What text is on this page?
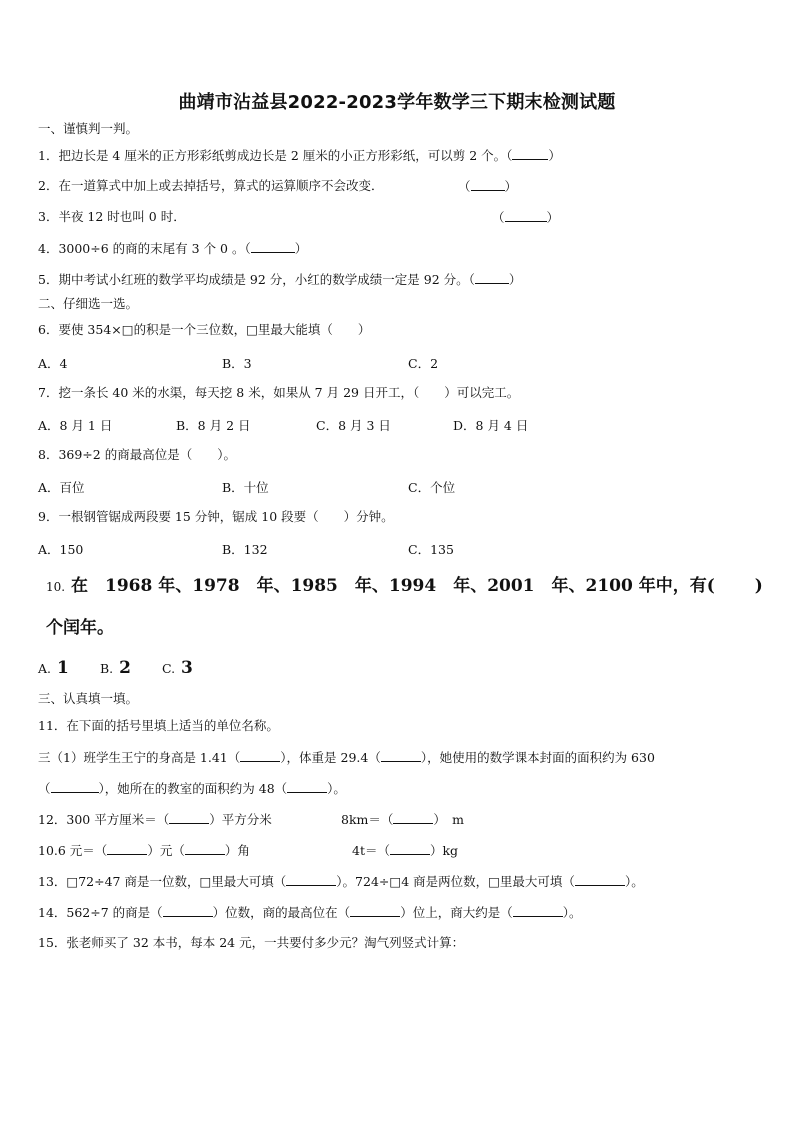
曲靖市沾益县2022-2023学年数学三下期末检测试题
一、谨慎判一判。
1．把边长是 4 厘米的正方形彩纸剪成边长是 2 厘米的小正方形彩纸，可以剪 2 个。（	）
2．在一道算式中加上或去掉括号，算式的运算顺序不会改变．	（	）
3．半夜 12 时也叫 0 时．	（	）
4．3000÷6 的商的末尾有 3 个 0 。（	）
5．期中考试小红班的数学平均成绩是 92 分，小红的数学成绩一定是 92 分。（	）
二、仔细选一选。
6．要使 354×□的积是一个三位数，□里最大能填（　　）
A．4	B．3	C．2
7．挖一条长 40 米的水渠，每天挖 8 米，如果从 7 月 29 日开工，（　　）可以完工。
A．8 月 1 日	B．8 月 2 日	C．8 月 3 日	D．8 月 4 日
8．369÷2 的商最高位是（　　）。
A．百位	B．十位	C．个位
9．一根钢管锯成两段要 15 分钟，锯成 10 段要（　　）分钟。
A．150	B．132	C．135
10. 在　1968 年、1978　年、1985　年、1994　年、2001　年、2100 年中，有(　　 )
个闰年。
A. 1 B. 2 C. 3
三、认真填一填。
11．在下面的括号里填上适当的单位名称。
三（1）班学生王宁的身高是 1.41（	），体重是 29.4（	），她使用的数学课本封面的面积约为 630
（	），她所在的教室的面积约为 48（	）。
12．300 平方厘米＝（	）平方分米	8km＝（	）　m
10.6 元＝（	）元（	）角	4t＝（	）kg
13．□72÷47 商是一位数，□里最大可填（	）。724÷□4 商是两位数，□里最大可填（	）。
14．562÷7 的商是（	）位数，商的最高位在（	）位上，商大约是（	）。
15．张老师买了 32 本书，每本 24 元，一共要付多少元？淘气列竖式计算：
